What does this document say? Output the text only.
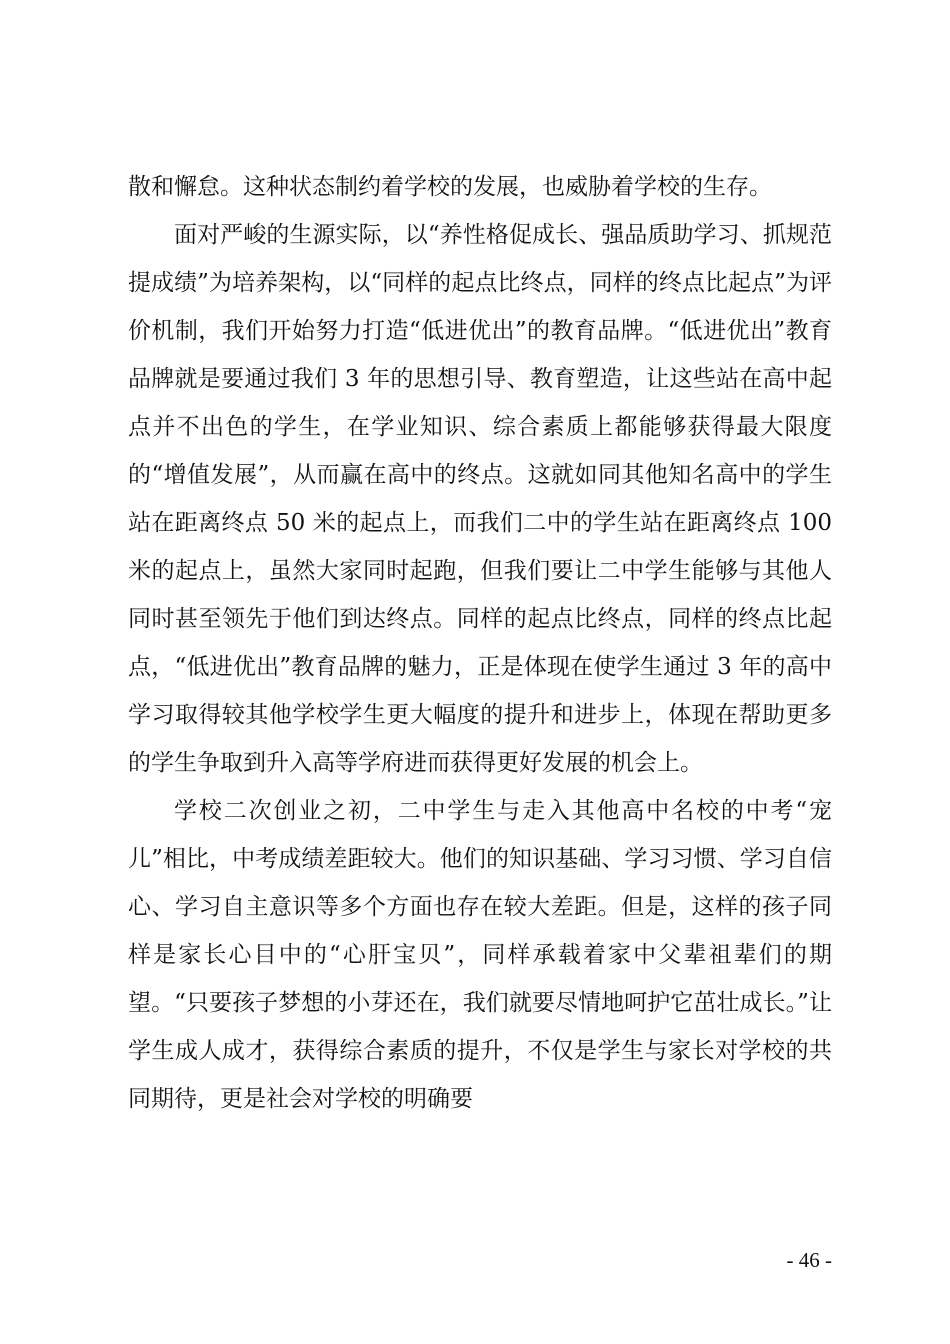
散和懈怠。这种状态制约着学校的发展，也威胁着学校的生存。

面对严峻的生源实际，以“养性格促成长、强品质助学习、抓规范提成绩”为培养架构，以“同样的起点比终点，同样的终点比起点”为评价机制，我们开始努力打造“低进优出”的教育品牌。“低进优出”教育品牌就是要通过我们 3 年的思想引导、教育塑造，让这些站在高中起点并不出色的学生，在学业知识、综合素质上都能够获得最大限度的“增值发展”，从而赢在高中的终点。这就如同其他知名高中的学生站在距离终点 50 米的起点上，而我们二中的学生站在距离终点 100 米的起点上，虽然大家同时起跑，但我们要让二中学生能够与其他人同时甚至领先于他们到达终点。同样的起点比终点，同样的终点比起点，“低进优出”教育品牌的魅力，正是体现在使学生通过 3 年的高中学习取得较其他学校学生更大幅度的提升和进步上，体现在帮助更多的学生争取到升入高等学府进而获得更好发展的机会上。

学校二次创业之初，二中学生与走入其他高中名校的中考“宠儿”相比，中考成绩差距较大。他们的知识基础、学习习惯、学习自信心、学习自主意识等多个方面也存在较大差距。但是，这样的孩子同样是家长心目中的“心肝宝贝”，同样承载着家中父辈祖辈们的期望。“只要孩子梦想的小芽还在，我们就要尽情地呵护它茁壮成长。”让学生成人成才，获得综合素质的提升，不仅是学生与家长对学校的共同期待，更是社会对学校的明确要

- 46 -
